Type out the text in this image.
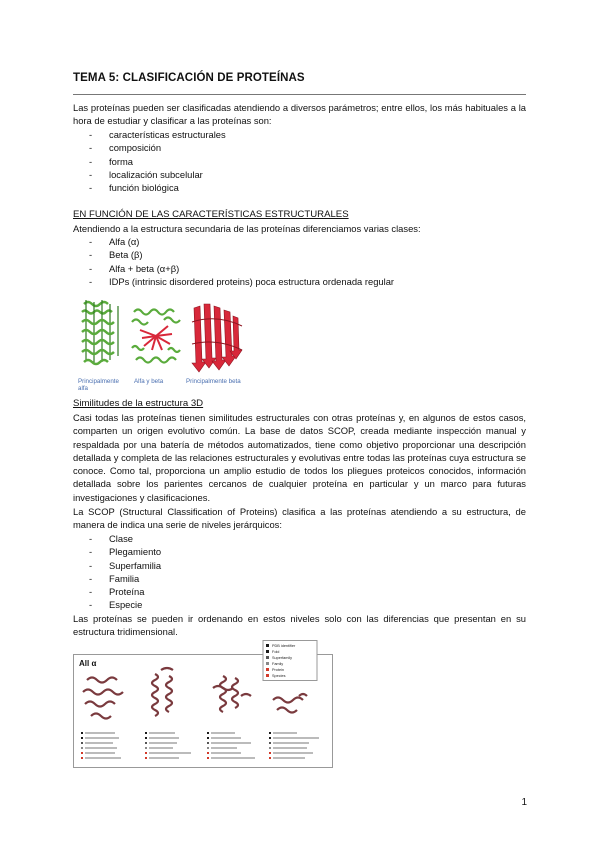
TEMA 5: CLASIFICACIÓN DE PROTEÍNAS
Las proteínas pueden ser clasificadas atendiendo a diversos parámetros; entre ellos, los más habituales a la hora de estudiar y clasificar a las proteínas son:
- características estructurales
- composición
- forma
- localización subcelular
- función biológica
EN FUNCIÓN DE LAS CARACTERÍSTICAS ESTRUCTURALES
Atendiendo a la estructura secundaria de las proteínas diferenciamos varias clases:
- Alfa (α)
- Beta (β)
- Alfa + beta (α+β)
- IDPs (intrinsic disordered proteins) poca estructura ordenada regular
Principalmente alfa
Alfa y beta	Principalmente beta
Similitudes de la estructura 3D
Casi todas las proteínas tienen similitudes estructurales con otras proteínas y, en algunos de estos casos, comparten un origen evolutivo común. La base de datos SCOP, creada mediante inspección manual y respaldada por una batería de métodos automatizados, tiene como objetivo proporcionar una descripción detallada y completa de las relaciones estructurales y evolutivas entre todas las proteínas cuya estructura se conoce. Como tal, proporciona un amplio estudio de todos los pliegues proteicos conocidos, información detallada sobre los parientes cercanos de cualquier proteína en particular y un marco para futuras investigaciones y clasificaciones.
La SCOP (Structural Classification of Proteins) clasifica a las proteínas atendiendo a su estructura, de manera de indica una serie de niveles jerárquicos:
- Clase
- Plegamiento
- Superfamilia
- Familia
- Proteína
- Especie
Las proteínas se pueden ir ordenando en estos niveles solo con las diferencias que presentan en su estructura tridimensional.
All α
PDB identifier
Fold
Superfamily
Family
Protein
Species
1
